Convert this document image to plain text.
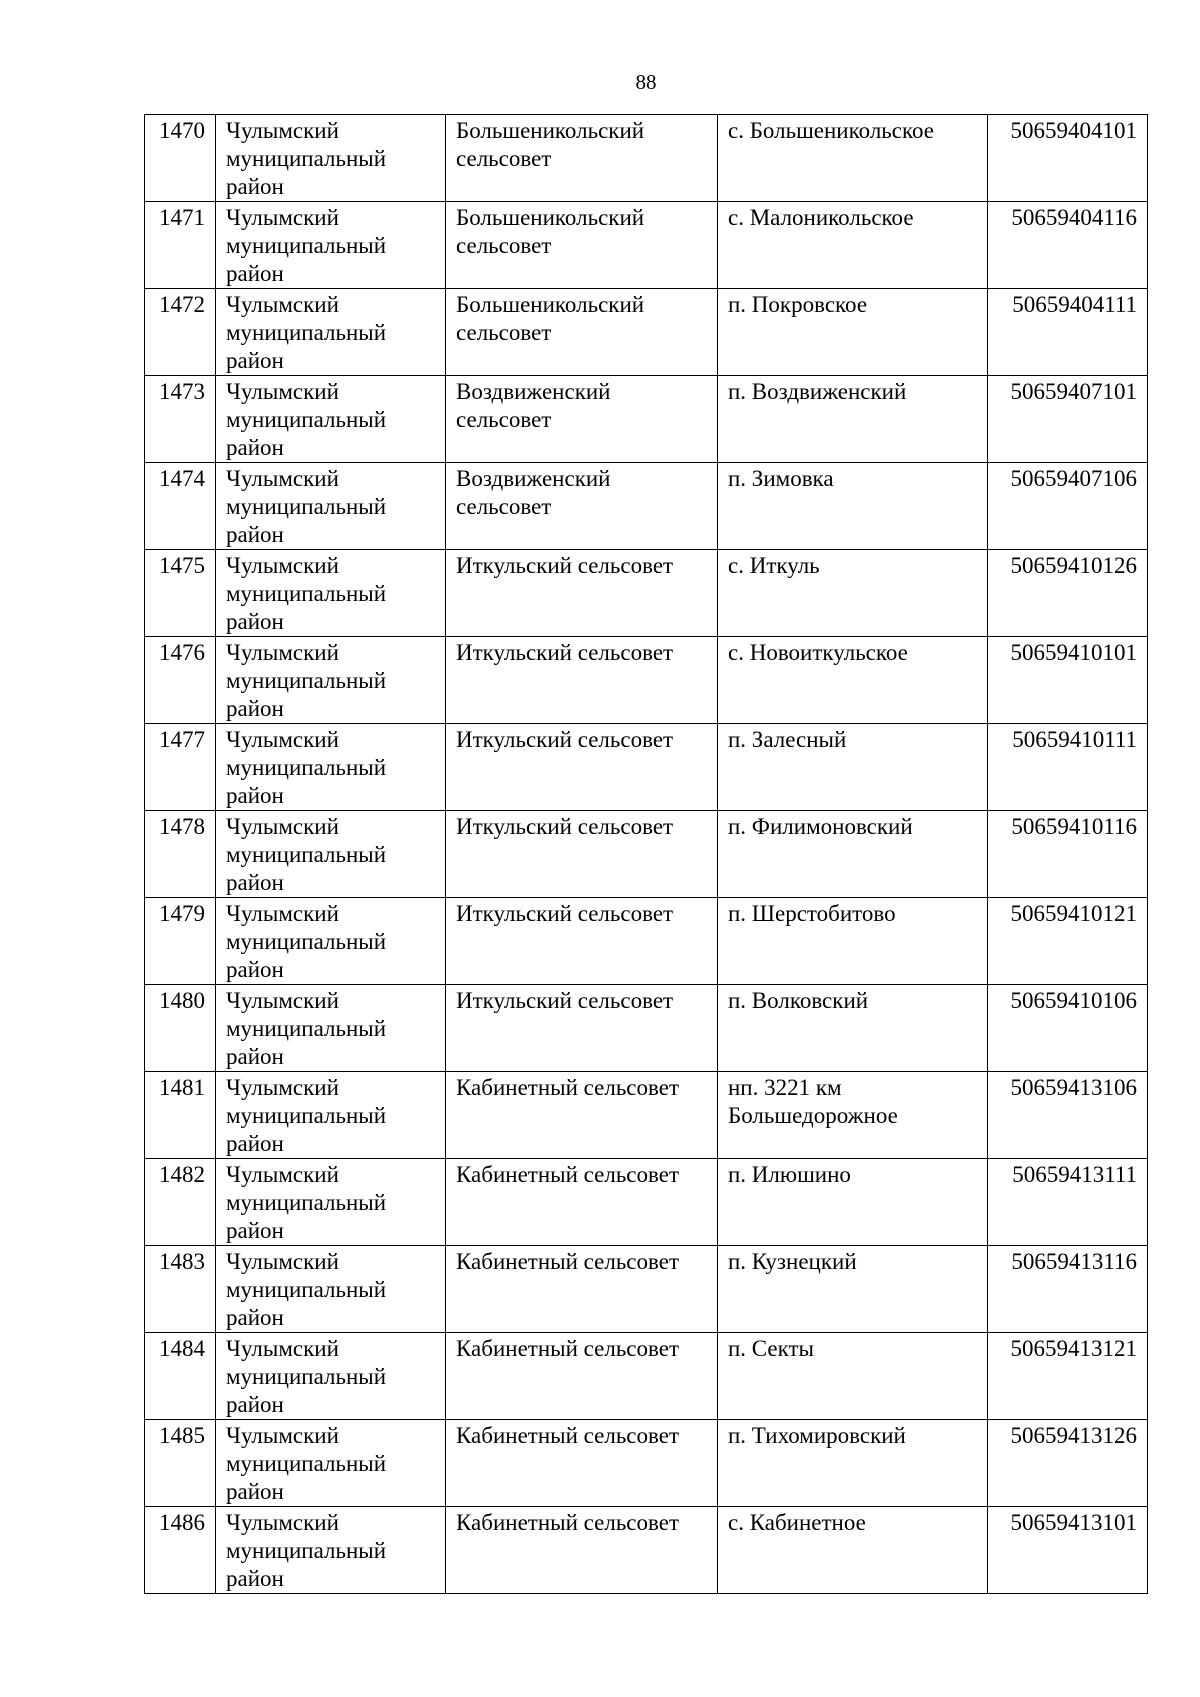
88
1470	Чулымский муниципальный район	Большеникольский сельсовет	с. Большеникольское	50659404101
1471	Чулымский муниципальный район	Большеникольский сельсовет	с. Малоникольское	50659404116
1472	Чулымский муниципальный район	Большеникольский сельсовет	п. Покровское	50659404111
1473	Чулымский муниципальный район	Воздвиженский сельсовет	п. Воздвиженский	50659407101
1474	Чулымский муниципальный район	Воздвиженский сельсовет	п. Зимовка	50659407106
1475	Чулымский муниципальный район	Иткульский сельсовет	с. Иткуль	50659410126
1476	Чулымский муниципальный район	Иткульский сельсовет	с. Новоиткульское	50659410101
1477	Чулымский муниципальный район	Иткульский сельсовет	п. Залесный	50659410111
1478	Чулымский муниципальный район	Иткульский сельсовет	п. Филимоновский	50659410116
1479	Чулымский муниципальный район	Иткульский сельсовет	п. Шерстобитово	50659410121
1480	Чулымский муниципальный район	Иткульский сельсовет	п. Волковский	50659410106
1481	Чулымский муниципальный район	Кабинетный сельсовет	нп. 3221 км Большедорожное	50659413106
1482	Чулымский муниципальный район	Кабинетный сельсовет	п. Илюшино	50659413111
1483	Чулымский муниципальный район	Кабинетный сельсовет	п. Кузнецкий	50659413116
1484	Чулымский муниципальный район	Кабинетный сельсовет	п. Секты	50659413121
1485	Чулымский муниципальный район	Кабинетный сельсовет	п. Тихомировский	50659413126
1486	Чулымский муниципальный район	Кабинетный сельсовет	с. Кабинетное	50659413101
